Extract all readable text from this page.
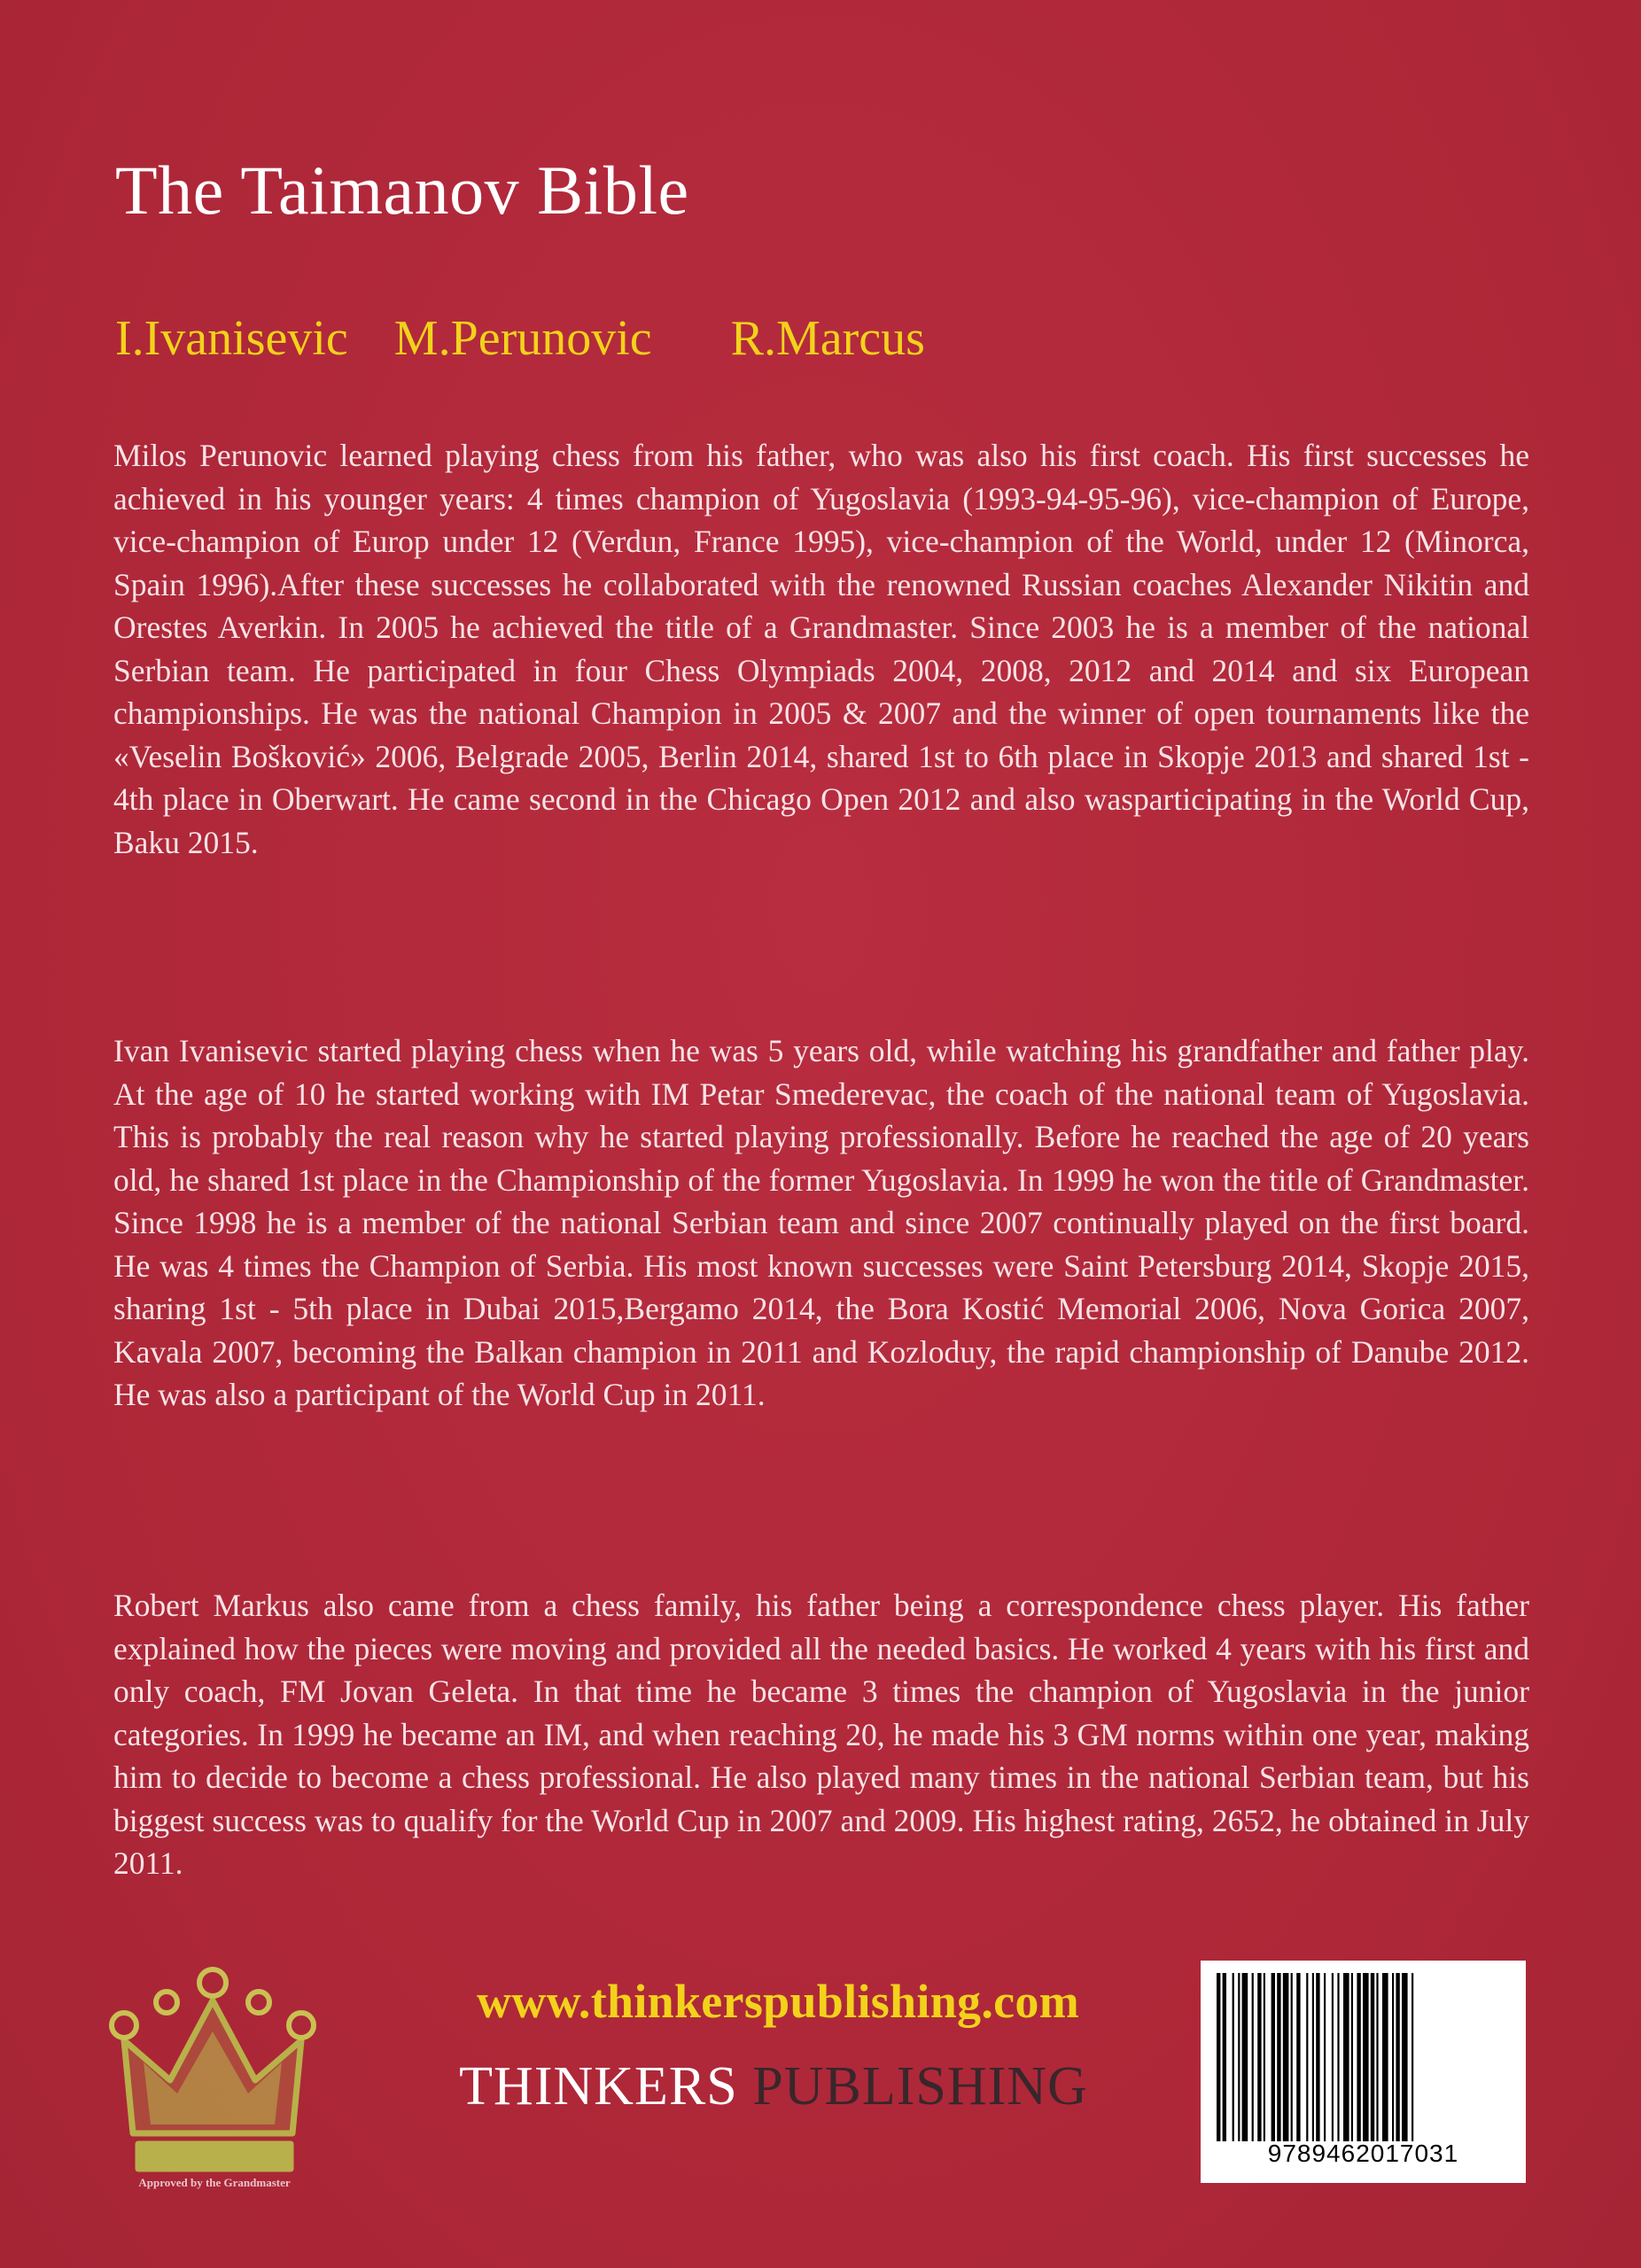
The Taimanov Bible
I.Ivanisevic M.Perunovic R.Marcus

Milos Perunovic learned playing chess from his father, who was also his first coach. His first successes he achieved in his younger years: 4 times champion of Yugoslavia (1993-94-95-96), vice-champion of Europe, vice-champion of Europ under 12 (Verdun, France 1995), vice-champion of the World, under 12 (Minorca, Spain 1996).After these successes he collaborated with the renowned Russian coaches Alexander Nikitin and Orestes Averkin. In 2005 he achieved the title of a Grandmaster. Since 2003 he is a member of the national Serbian team. He participated in four Chess Olympiads 2004, 2008, 2012 and 2014 and six European championships. He was the national Champion in 2005 & 2007 and the winner of open tournaments like the «Veselin Bošković» 2006, Belgrade 2005, Berlin 2014, shared 1st to 6th place in Skopje 2013 and shared 1st - 4th place in Oberwart. He came second in the Chicago Open 2012 and also wasparticipating in the World Cup, Baku 2015.

Ivan Ivanisevic started playing chess when he was 5 years old, while watching his grandfather and father play. At the age of 10 he started working with IM Petar Smederevac, the coach of the national team of Yugoslavia. This is probably the real reason why he started playing professionally. Before he reached the age of 20 years old, he shared 1st place in the Championship of the former Yugoslavia. In 1999 he won the title of Grandmaster. Since 1998 he is a member of the national Serbian team and since 2007 continually played on the first board. He was 4 times the Champion of Serbia. His most known successes were Saint Petersburg 2014, Skopje 2015, sharing 1st - 5th place in Dubai 2015,Bergamo 2014, the Bora Kostić Memorial 2006, Nova Gorica 2007, Kavala 2007, becoming the Balkan champion in 2011 and Kozloduy, the rapid championship of Danube 2012. He was also a participant of the World Cup in 2011.

Robert Markus also came from a chess family, his father being a correspondence chess player. His father explained how the pieces were moving and provided all the needed basics. He worked 4 years with his first and only coach, FM Jovan Geleta. In that time he became 3 times the champion of Yugoslavia in the junior categories. In 1999 he became an IM, and when reaching 20, he made his 3 GM norms within one year, making him to decide to become a chess professional. He also played many times in the national Serbian team, but his biggest success was to qualify for the World Cup in 2007 and 2009. His highest rating, 2652, he obtained in July 2011.

Approved by the Grandmaster
www.thinkerspublishing.com
THINKERS PUBLISHING
9789462017031
